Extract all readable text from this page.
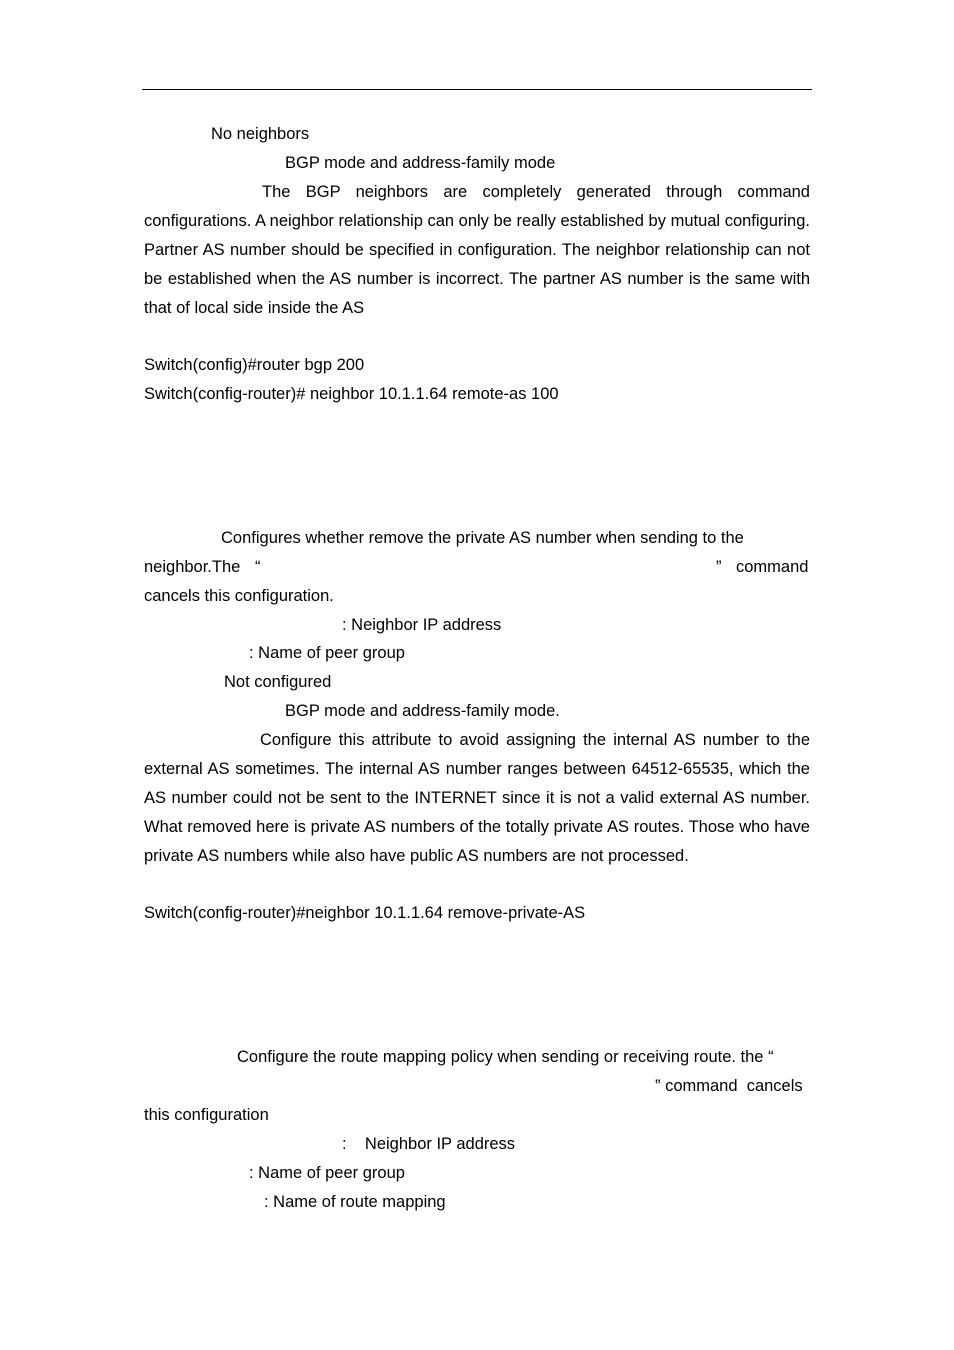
No neighbors
BGP mode and address-family mode

The BGP neighbors are completely generated through command configurations. A neighbor relationship can only be really established by mutual configuring. Partner AS number should be specified in configuration. The neighbor relationship can not be established when the AS number is incorrect. The partner AS number is the same with that of local side inside the AS

Switch(config)#router bgp 200
Switch(config-router)# neighbor 10.1.1.64 remote-as 100
Configures whether remove the private AS number when sending to the
neighbor.The “	” command
cancels this configuration.
: Neighbor IP address
: Name of peer group
Not configured
BGP mode and address-family mode.

Configure this attribute to avoid assigning the internal AS number to the external AS sometimes. The internal AS number ranges between 64512-65535, which the AS number could not be sent to the INTERNET since it is not a valid external AS number. What removed here is private AS numbers of the totally private AS routes. Those who have private AS numbers while also have public AS numbers are not processed.

Switch(config-router)#neighbor 10.1.1.64 remove-private-AS
Configure the route mapping policy when sending or receiving route. the “
” command  cancels
this configuration
:    Neighbor IP address
: Name of peer group
: Name of route mapping
